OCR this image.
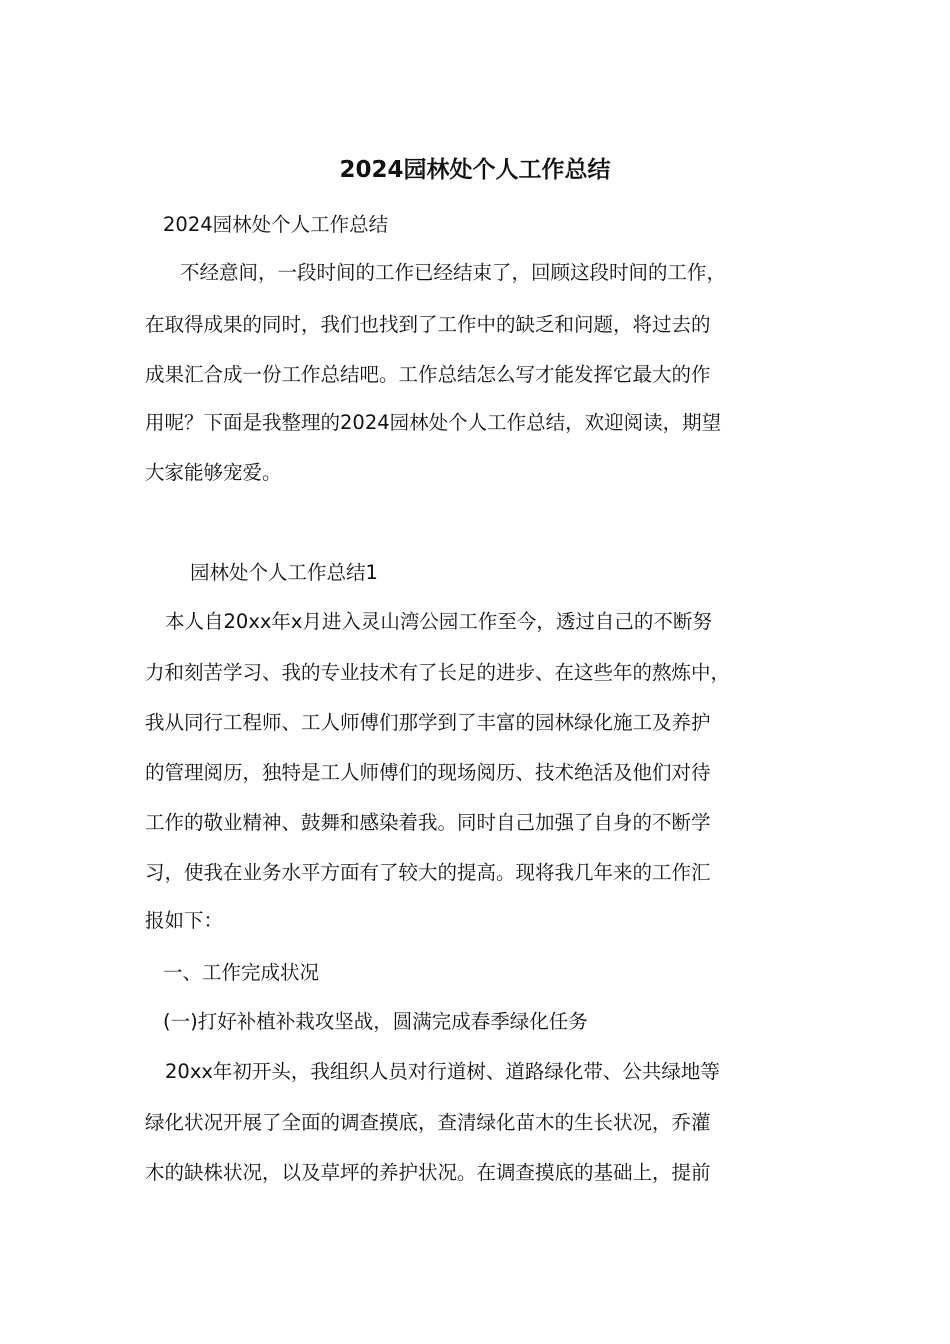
2024园林处个人工作总结
2024园林处个人工作总结
不经意间，一段时间的工作已经结束了，回顾这段时间的工作，
在取得成果的同时，我们也找到了工作中的缺乏和问题，将过去的
成果汇合成一份工作总结吧。工作总结怎么写才能发挥它最大的作
用呢？下面是我整理的2024园林处个人工作总结，欢迎阅读，期望
大家能够宠爱。
园林处个人工作总结1
本人自20xx年x月进入灵山湾公园工作至今，透过自己的不断努
力和刻苦学习、我的专业技术有了长足的进步、在这些年的熬炼中，
我从同行工程师、工人师傅们那学到了丰富的园林绿化施工及养护
的管理阅历，独特是工人师傅们的现场阅历、技术绝活及他们对待
工作的敬业精神、鼓舞和感染着我。同时自己加强了自身的不断学
习，使我在业务水平方面有了较大的提高。现将我几年来的工作汇
报如下：
一、工作完成状况
(一)打好补植补栽攻坚战，圆满完成春季绿化任务
20xx年初开头，我组织人员对行道树、道路绿化带、公共绿地等
绿化状况开展了全面的调查摸底，查清绿化苗木的生长状况，乔灌
木的缺株状况，以及草坪的养护状况。在调查摸底的基础上，提前
